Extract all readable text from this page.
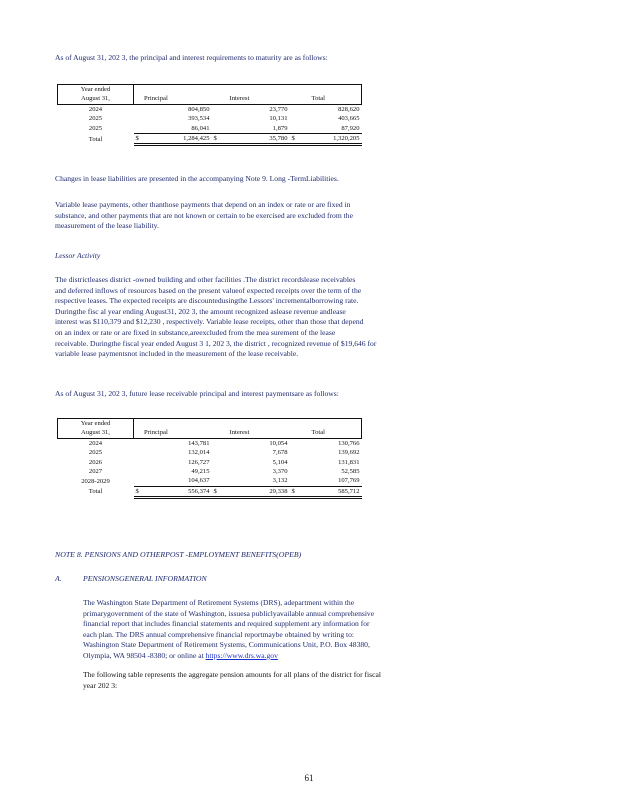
As of August 31, 202 3, the principal and interest requirements to maturity are as follows:
Year ended			

August 31,	Principal	Interest	Total
2024	804,850	23,770	828,620
2025	393,534	10,131	403,665
2025	86,041	1,879	87,920
Total	$ 1,284,425	$ 35,780	$ 1,320,205
Changes in lease liabilities are presented in the accompanying Note 9. Long -TermLiabilities.
Variable lease payments, other thanthose payments that depend on an index or rate or are fixed in
substance, and other payments that are not known or certain to be exercised are excluded from the
measurement of the lease liability.
Lessor Activity
The districtleases district -owned building and other facilities .The district recordslease receivables
and deferred inflows of resources based on the present valueof expected receipts over the term of the
respective leases. The expected receipts are discountedusingthe Lessors' incrementalborrowing rate.
Duringthe fisc al year ending August31, 202 3, the amount recognized aslease revenue andlease
interest was $110,379 and $12,230 , respectively. Variable lease receipts, other than those that depend
on an index or rate or are fixed in substance,areexcluded from the mea surement of the lease
receivable. Duringthe fiscal year ended August 3 1, 202 3, the district , recognized revenue of $19,646 for
variable lease paymentsnot included in the measurement of the lease receivable.
As of August 31, 202 3, future lease receivable principal and interest paymentsare as follows:
Year ended			
August 31,	Principal	Interest	Total
2024	143,781	10,054	130,766
2025	132,014	7,678	139,692
2026	126,727	5,104	131,831
2027	49,215	3,370	52,585
2028-2029	104,637	3,132	107,769
Total	$ 556,374	$ 29,338	$ 585,712
NOTE 8. PENSIONS AND OTHERPOST -EMPLOYMENT BENEFITS(OPEB)
A.	PENSIONSGENERAL INFORMATION
The Washington State Department of Retirement Systems (DRS), adepartment within the
primarygovernment of the state of Washington, issuesa publiclyavailable annual comprehensive
financial report that includes financial statements and required supplement ary information for
each plan. The DRS annual comprehensive financial reportmaybe obtained by writing to:
Washington State Department of Retirement Systems, Communications Unit, P.O. Box 48380,
Olympia, WA 98504 -8380; or online at https://www.drs.wa.gov
The following table represents the aggregate pension amounts for all plans of the district for fiscal
year 202 3:
61
